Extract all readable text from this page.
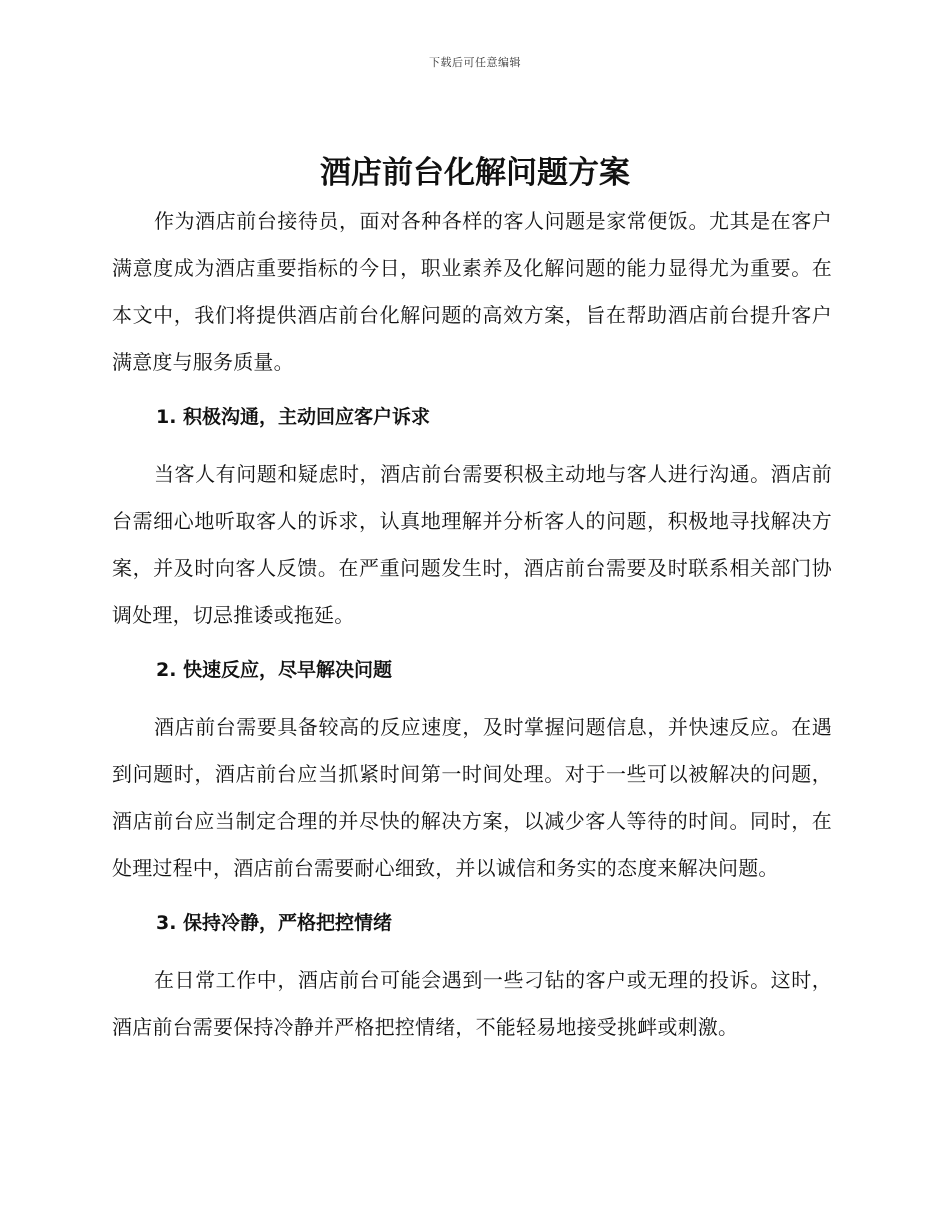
下载后可任意编辑
酒店前台化解问题方案

作为酒店前台接待员，面对各种各样的客人问题是家常便饭。尤其是在客户满意度成为酒店重要指标的今日，职业素养及化解问题的能力显得尤为重要。在本文中，我们将提供酒店前台化解问题的高效方案，旨在帮助酒店前台提升客户满意度与服务质量。

1. 积极沟通，主动回应客户诉求

当客人有问题和疑虑时，酒店前台需要积极主动地与客人进行沟通。酒店前台需细心地听取客人的诉求，认真地理解并分析客人的问题，积极地寻找解决方案，并及时向客人反馈。在严重问题发生时，酒店前台需要及时联系相关部门协调处理，切忌推诿或拖延。

2. 快速反应，尽早解决问题

酒店前台需要具备较高的反应速度，及时掌握问题信息，并快速反应。在遇到问题时，酒店前台应当抓紧时间第一时间处理。对于一些可以被解决的问题，酒店前台应当制定合理的并尽快的解决方案，以减少客人等待的时间。同时，在处理过程中，酒店前台需要耐心细致，并以诚信和务实的态度来解决问题。

3. 保持冷静，严格把控情绪

在日常工作中，酒店前台可能会遇到一些刁钻的客户或无理的投诉。这时，酒店前台需要保持冷静并严格把控情绪，不能轻易地接受挑衅或刺激。
